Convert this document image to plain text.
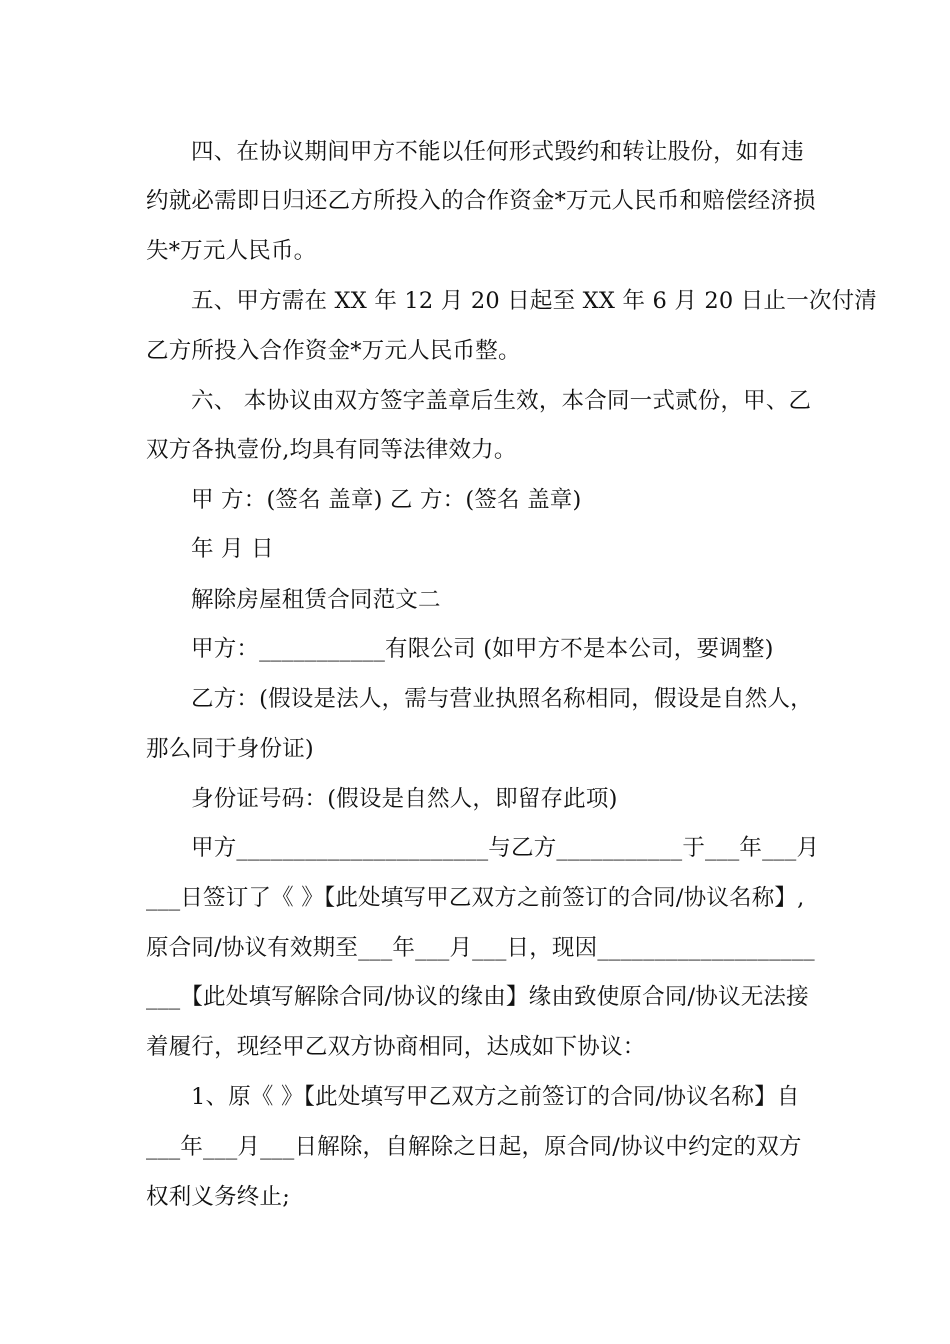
四、在协议期间甲方不能以任何形式毁约和转让股份，如有违
约就必需即日归还乙方所投入的合作资金*万元人民币和赔偿经济损
失*万元人民币。
五、甲方需在 XX 年 12 月 20 日起至 XX 年 6 月 20 日止一次付清
乙方所投入合作资金*万元人民币整。
六、 本协议由双方签字盖章后生效，本合同一式贰份，甲、乙
双方各执壹份,均具有同等法律效力。
甲 方：(签名 盖章) 乙 方：(签名 盖章)
年 月 日
解除房屋租赁合同范文二
甲方：___________有限公司 (如甲方不是本公司，要调整)
乙方：(假设是法人，需与营业执照名称相同，假设是自然人，
那么同于身份证)
身份证号码：(假设是自然人，即留存此项)
甲方______________________与乙方___________于___年___月
___日签订了《 》【此处填写甲乙双方之前签订的合同/协议名称】,
原合同/协议有效期至___年___月___日，现因___________________
___【此处填写解除合同/协议的缘由】缘由致使原合同/协议无法接
着履行，现经甲乙双方协商相同，达成如下协议：
1、原《 》【此处填写甲乙双方之前签订的合同/协议名称】自
___年___月___日解除，自解除之日起，原合同/协议中约定的双方
权利义务终止;
